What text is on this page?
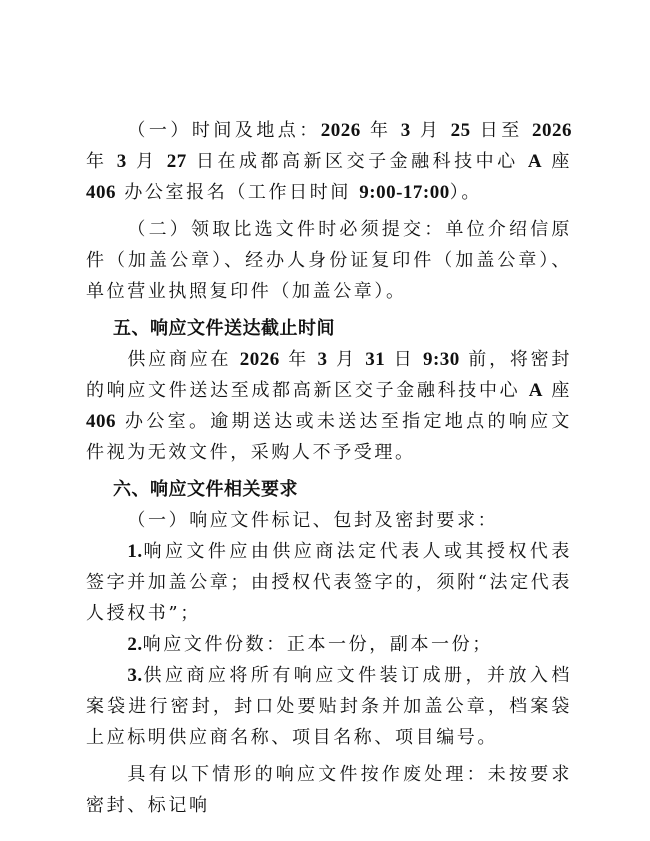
（一）时间及地点：2026 年 3 月 25 日至 2026 年 3 月 27 日在成都高新区交子金融科技中心 A 座 406 办公室报名（工作日时间 9:00-17:00）。

（二）领取比选文件时必须提交：单位介绍信原件（加盖公章）、经办人身份证复印件（加盖公章）、单位营业执照复印件（加盖公章）。

五、响应文件送达截止时间

供应商应在 2026 年 3 月 31 日 9:30 前，将密封的响应文件送达至成都高新区交子金融科技中心 A 座 406 办公室。逾期送达或未送达至指定地点的响应文件视为无效文件，采购人不予受理。

六、响应文件相关要求

（一）响应文件标记、包封及密封要求：

1.响应文件应由供应商法定代表人或其授权代表签字并加盖公章；由授权代表签字的，须附“法定代表人授权书”；

2.响应文件份数：正本一份，副本一份；

3.供应商应将所有响应文件装订成册，并放入档案袋进行密封，封口处要贴封条并加盖公章，档案袋上应标明供应商名称、项目名称、项目编号。

具有以下情形的响应文件按作废处理：未按要求密封、标记响
